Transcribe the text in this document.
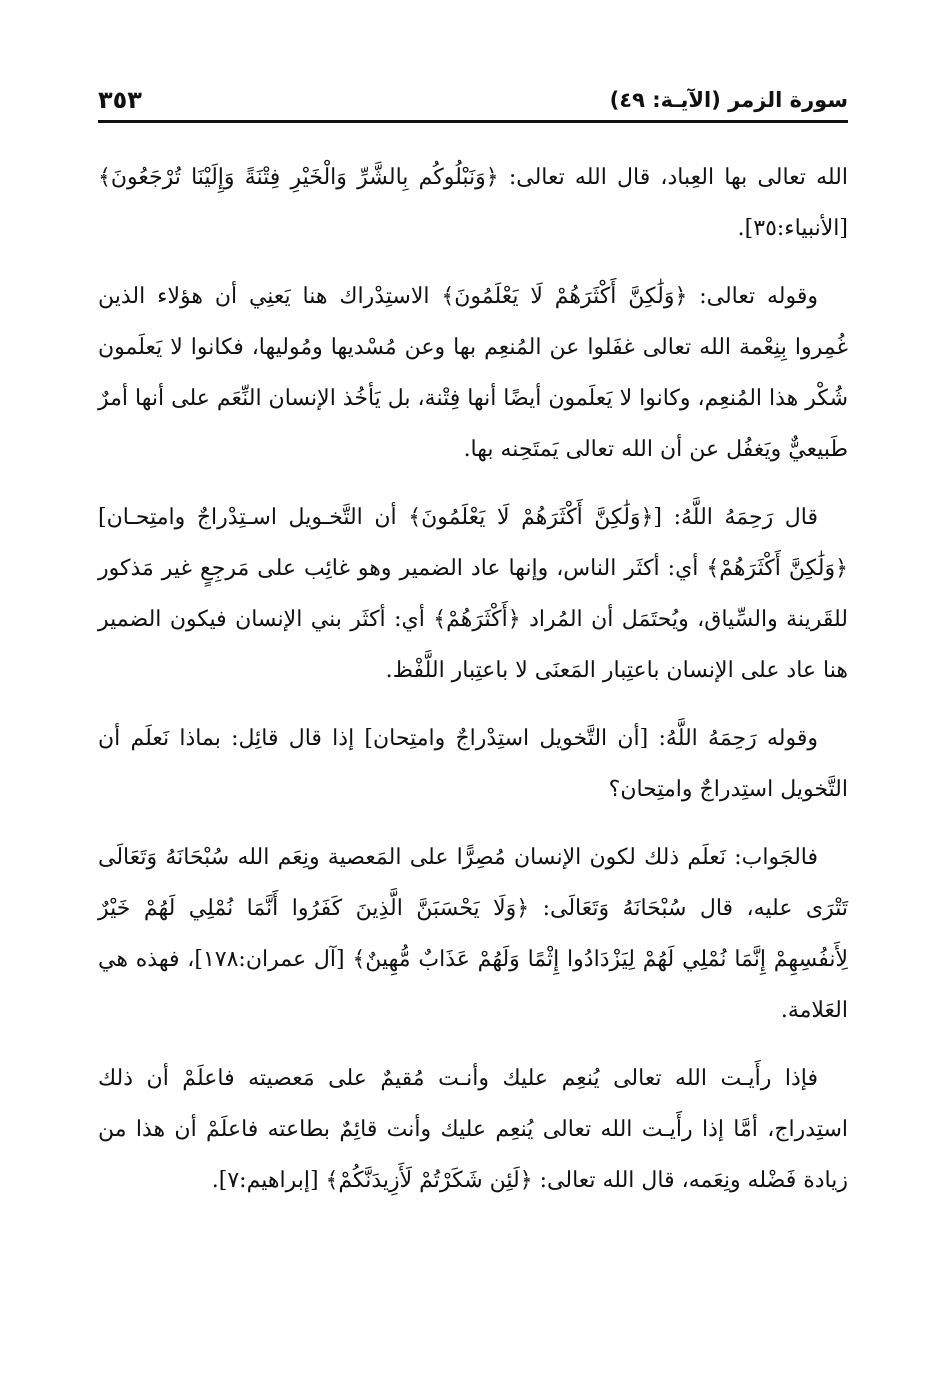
سورة الزمر (الآيـة: ٤٩)
٣٥٣

الله تعالى بها العِباد، قال الله تعالى: ﴿وَنَبْلُوكُم بِالشَّرِّ وَالْخَيْرِ فِتْنَةً وَإِلَيْنَا تُرْجَعُونَ﴾ [الأنبياء:٣٥].

وقوله تعالى: ﴿وَلَٰكِنَّ أَكْثَرَهُمْ لَا يَعْلَمُونَ﴾ الاستِدْراك هنا يَعنِي أن هؤلاء الذين غُمِروا بِنِعْمة الله تعالى غفَلوا عن المُنعِم بها وعن مُسْديها ومُوليها، فكانوا لا يَعلَمون شُكْر هذا المُنعِم، وكانوا لا يَعلَمون أيضًا أنها فِتْنة، بل يَأخُذ الإنسان النِّعَم على أنها أمرٌ طَبيعيٌّ ويَغفُل عن أن الله تعالى يَمتَحِنه بها.

قال رَحِمَهُ اللَّهُ: [﴿وَلَٰكِنَّ أَكْثَرَهُمْ لَا يَعْلَمُونَ﴾ أن التَّخـويل اسـتِدْراجٌ وامتِحـان] ﴿وَلَٰكِنَّ أَكْثَرَهُمْ﴾ أي: أكثَر الناس، وإنها عاد الضمير وهو غائِب على مَرجِعٍ غير مَذكور للقَرينة والسِّياق، ويُحتَمَل أن المُراد ﴿أَكْثَرَهُمْ﴾ أي: أكثَر بني الإنسان فيكون الضمير هنا عاد على الإنسان باعتِبار المَعنَى لا باعتِبار اللَّفْظ.

وقوله رَحِمَهُ اللَّهُ: [أن التَّخويل استِدْراجٌ وامتِحان] إذا قال قائِل: بماذا نَعلَم أن التَّخويل استِدراجٌ وامتِحان؟

فالجَواب: نَعلَم ذلك لكون الإنسان مُصِرًّا على المَعصية ونِعَم الله سُبْحَانَهُ وَتَعَالَى تَتْرَى عليه، قال سُبْحَانَهُ وَتَعَالَى: ﴿وَلَا يَحْسَبَنَّ الَّذِينَ كَفَرُوا أَنَّمَا نُمْلِي لَهُمْ خَيْرٌ لِأَنفُسِهِمْ إِنَّمَا نُمْلِي لَهُمْ لِيَزْدَادُوا إِثْمًا وَلَهُمْ عَذَابٌ مُّهِينٌ﴾ [آل عمران:١٧٨]، فهذه هي العَلامة.

فإذا رأَيـت الله تعالى يُنعِم عليك وأنـت مُقيمٌ على مَعصيته فاعلَمْ أن ذلك استِدراج، أمَّا إذا رأَيـت الله تعالى يُنعِم عليك وأنت قائِمٌ بطاعته فاعلَمْ أن هذا من زيادة فَضْله ونِعَمه، قال الله تعالى: ﴿لَئِن شَكَرْتُمْ لَأَزِيدَنَّكُمْ﴾ [إبراهيم:٧].
